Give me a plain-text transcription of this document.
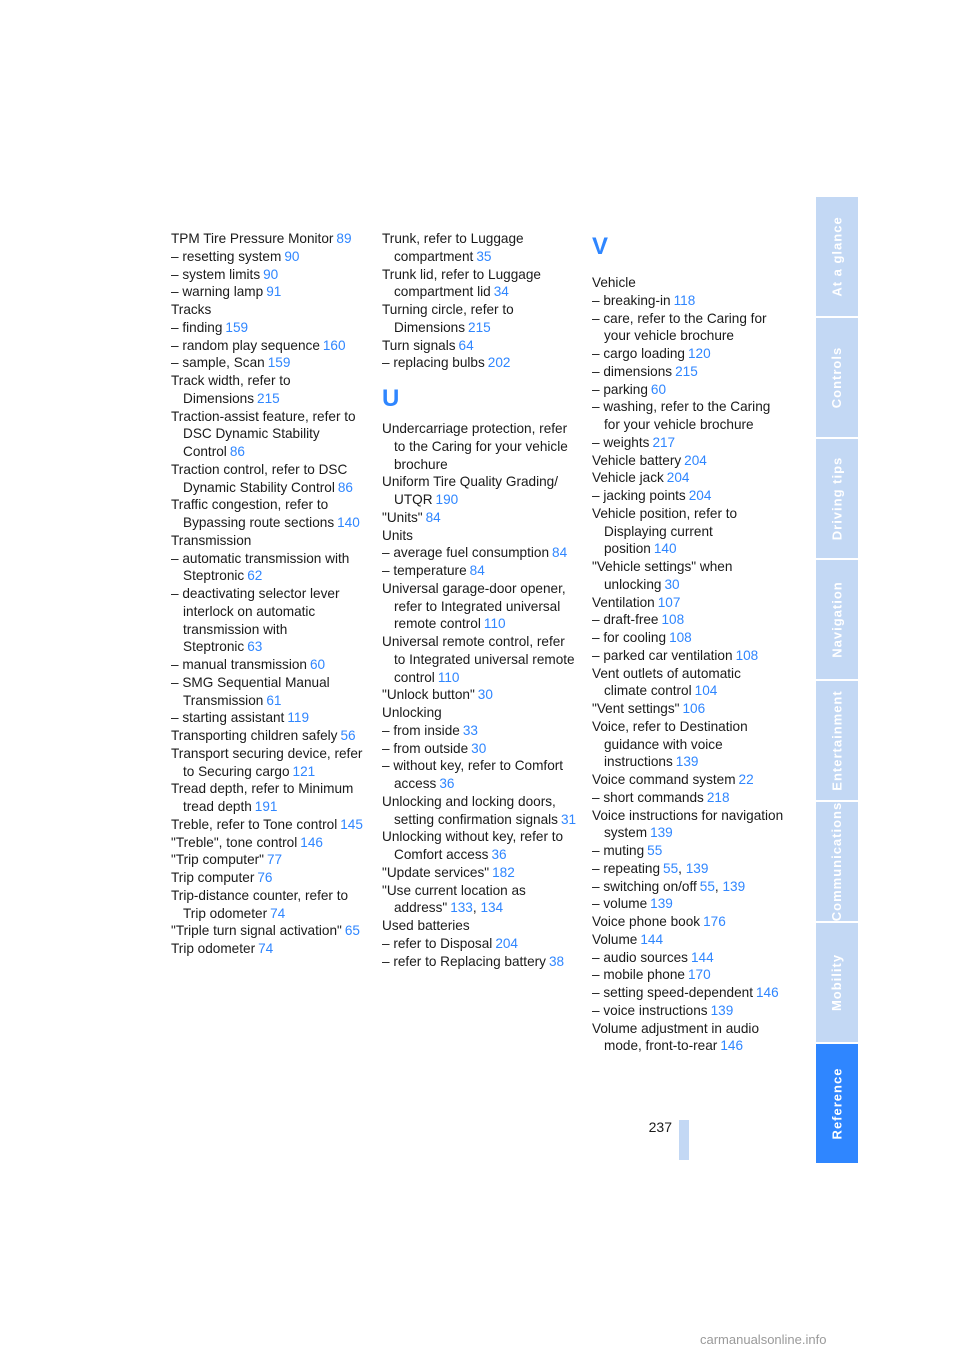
TPM Tire Pressure Monitor 89
– resetting system 90
– system limits 90
– warning lamp 91
Tracks
– finding 159
– random play sequence 160
– sample, Scan 159
Track width, refer to Dimensions 215
Traction-assist feature, refer to DSC Dynamic Stability Control 86
Traction control, refer to DSC Dynamic Stability Control 86
Traffic congestion, refer to Bypassing route sections 140
Transmission
– automatic transmission with Steptronic 62
– deactivating selector lever interlock on automatic transmission with Steptronic 63
– manual transmission 60
– SMG Sequential Manual Transmission 61
– starting assistant 119
Transporting children safely 56
Transport securing device, refer to Securing cargo 121
Tread depth, refer to Minimum tread depth 191
Treble, refer to Tone control 145
"Treble", tone control 146
"Trip computer" 77
Trip computer 76
Trip-distance counter, refer to Trip odometer 74
"Triple turn signal activation" 65
Trip odometer 74
Trunk, refer to Luggage compartment 35
Trunk lid, refer to Luggage compartment lid 34
Turning circle, refer to Dimensions 215
Turn signals 64
– replacing bulbs 202
U
Undercarriage protection, refer to the Caring for your vehicle brochure
Uniform Tire Quality Grading/ UTQR 190
"Units" 84
Units
– average fuel consumption 84
– temperature 84
Universal garage-door opener, refer to Integrated universal remote control 110
Universal remote control, refer to Integrated universal remote control 110
"Unlock button" 30
Unlocking
– from inside 33
– from outside 30
– without key, refer to Comfort access 36
Unlocking and locking doors, setting confirmation signals 31
Unlocking without key, refer to Comfort access 36
"Update services" 182
"Use current location as address" 133, 134
Used batteries
– refer to Disposal 204
– refer to Replacing battery 38
V
Vehicle
– breaking-in 118
– care, refer to the Caring for your vehicle brochure
– cargo loading 120
– dimensions 215
– parking 60
– washing, refer to the Caring for your vehicle brochure
– weights 217
Vehicle battery 204
Vehicle jack 204
– jacking points 204
Vehicle position, refer to Displaying current position 140
"Vehicle settings" when unlocking 30
Ventilation 107
– draft-free 108
– for cooling 108
– parked car ventilation 108
Vent outlets of automatic climate control 104
"Vent settings" 106
Voice, refer to Destination guidance with voice instructions 139
Voice command system 22
– short commands 218
Voice instructions for navigation system 139
– muting 55
– repeating 55, 139
– switching on/off 55, 139
– volume 139
Voice phone book 176
Volume 144
– audio sources 144
– mobile phone 170
– setting speed-dependent 146
– voice instructions 139
Volume adjustment in audio mode, front-to-rear 146
At a glance
Controls
Driving tips
Navigation
Entertainment
Communications
Mobility
Reference
237
carmanualsonline.info
